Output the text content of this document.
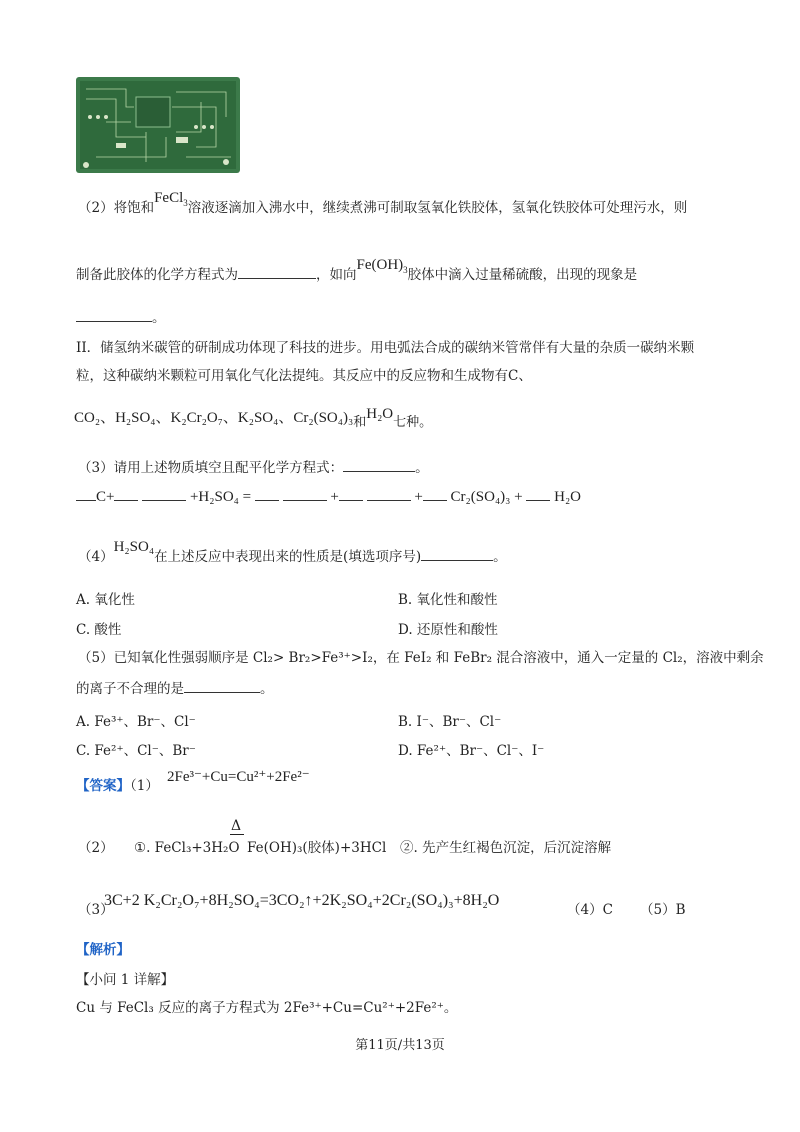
（2）将饱和FeCl$_3$溶液逐滴加入沸水中，继续煮沸可制取氢氧化铁胶体，氢氧化铁胶体可处理污水，则
制备此胶体的化学方程式为	，如向$Fe(OH)_3$胶体中滴入过量稀硫酸，出现的现象是
。
II．储氢纳米碳管的研制成功体现了科技的进步。用电弧法合成的碳纳米管常伴有大量的杂质一碳纳米颗
粒，这种碳纳米颗粒可用氧化气化法提纯。其反应中的反应物和生成物有C、
CO₂、H₂SO₄、K₂Cr₂O₇、K₂SO₄、Cr₂(SO₄)₃和H₂O七种。
（3）请用上述物质填空且配平化学方程式：	。
C+	+H₂SO₄ =	+	+ Cr₂(SO₄)₃ + H₂O
（4）H₂SO₄在上述反应中表现出来的性质是(填选项序号)	。
A. 氧化性	B. 氧化性和酸性
C. 酸性	D. 还原性和酸性
（5）已知氧化性强弱顺序是 Cl₂> Br₂>Fe³⁺>I₂，在 FeI₂ 和 FeBr₂ 混合溶液中，通入一定量的 Cl₂，溶液中剩余
的离子不合理的是	。
A. Fe³⁺、Br⁻、Cl⁻	B. I⁻、Br⁻、Cl⁻
C. Fe²⁺、Cl⁻、Br⁻	D. Fe²⁺、Br⁻、Cl⁻、I⁻
【答案】（1）
2Fe³⁻+Cu=Cu²⁺+2Fe²⁻
Δ
（2） ①. FeCl₃+3H₂O Fe(OH)₃(胶体)+3HCl ②. 先产生红褐色沉淀，后沉淀溶解
（3）
3C+2 K₂Cr₂O₇+8H₂SO₄=3CO₂↑+2K₂SO₄+2Cr₂(SO₄)₃+8H₂O
（4）C （5）B
【解析】
【小问 1 详解】
Cu 与 FeCl₃ 反应的离子方程式为 2Fe³⁺+Cu=Cu²⁺+2Fe²⁺。
第11页/共13页
